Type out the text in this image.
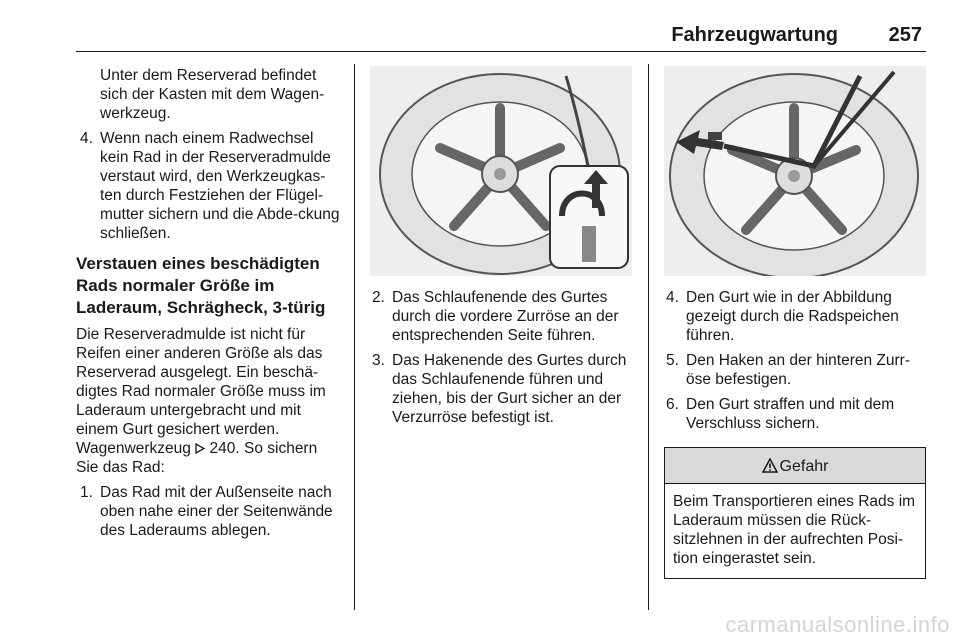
Fahrzeugwartung	257
Unter dem Reserverad befindet sich der Kasten mit dem Wagen-werkzeug.
4. Wenn nach einem Radwechsel kein Rad in der Reserveradmulde verstaut wird, den Werkzeugkas-ten durch Festziehen der Flügel-mutter sichern und die Abde-ckung schließen.
Verstauen eines beschädigten Rads normaler Größe im Laderaum, Schrägheck, 3-türig
Die Reserveradmulde ist nicht für Reifen einer anderen Größe als das Reserverad ausgelegt. Ein beschä-digtes Rad normaler Größe muss im Laderaum untergebracht und mit einem Gurt gesichert werden.
Wagenwerkzeug 240. So sichern Sie das Rad:
1. Das Rad mit der Außenseite nach oben nahe einer der Seitenwände des Laderaums ablegen.
2. Das Schlaufenende des Gurtes durch die vordere Zurröse an der entsprechenden Seite führen.
3. Das Hakenende des Gurtes durch das Schlaufenende führen und ziehen, bis der Gurt sicher an der Verzurröse befestigt ist.
4. Den Gurt wie in der Abbildung gezeigt durch die Radspeichen führen.
5. Den Haken an der hinteren Zurr-öse befestigen.
6. Den Gurt straffen und mit dem Verschluss sichern.
Gefahr
Beim Transportieren eines Rads im Laderaum müssen die Rück-sitzlehnen in der aufrechten Posi-tion eingerastet sein.
carmanualsonline.info
